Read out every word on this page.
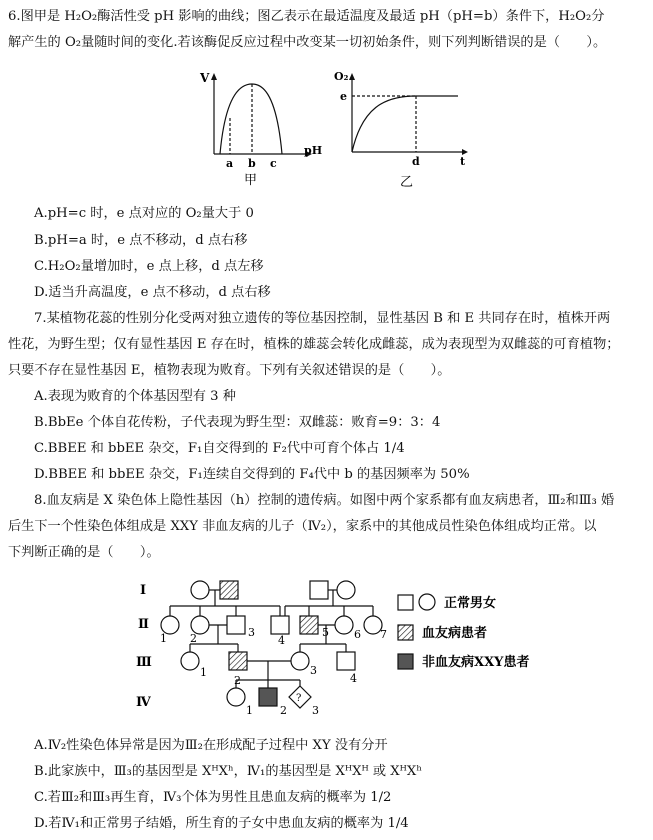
6.图甲是 H₂O₂酶活性受 pH 影响的曲线；图乙表示在最适温度及最适 pH（pH=b）条件下，H₂O₂分
解产生的 O₂量随时间的变化.若该酶促反应过程中改变某一切初始条件，则下列判断错误的是（　　）。
V
pH
a b c
甲
O₂
e
d	t
乙
A.pH=c 时，e 点对应的 O₂量大于 0
B.pH=a 时，e 点不移动，d 点右移
C.H₂O₂量增加时，e 点上移，d 点左移
D.适当升高温度，e 点不移动，d 点右移
7.某植物花蕊的性别分化受两对独立遗传的等位基因控制，显性基因 B 和 E 共同存在时，植株开两
性花，为野生型；仅有显性基因 E 存在时，植株的雄蕊会转化成雌蕊，成为表现型为双雌蕊的可育植物；
只要不存在显性基因 E，植物表现为败育。下列有关叙述错误的是（　　）。
A.表现为败育的个体基因型有 3 种
B.BbEe 个体自花传粉，子代表现为野生型：双雌蕊：败育=9：3：4
C.BBEE 和 bbEE 杂交，F₁自交得到的 F₂代中可育个体占 1/4
D.BBEE 和 bbEE 杂交，F₁连续自交得到的 F₄代中 b 的基因频率为 50%
8.血友病是 X 染色体上隐性基因（h）控制的遗传病。如图中两个家系都有血友病患者，Ⅲ₂和Ⅲ₃ 婚
后生下一个性染色体组成是 XXY 非血友病的儿子（Ⅳ₂），家系中的其他成员性染色体组成均正常。以
下判断正确的是（　　）。
Ⅰ
Ⅱ
Ⅲ
Ⅳ
1 2	3
4
5 6 7
1
2
3
4
1 2 3
?
正常男女
血友病患者
非血友病XXY患者
A.Ⅳ₂性染色体异常是因为Ⅲ₂在形成配子过程中 XY 没有分开
B.此家族中，Ⅲ₃的基因型是 XᴴXʰ，Ⅳ₁的基因型是 XᴴXᴴ 或 XᴴXʰ
C.若Ⅲ₂和Ⅲ₃再生育，Ⅳ₃个体为男性且患血友病的概率为 1/2
D.若Ⅳ₁和正常男子结婚，所生育的子女中患血友病的概率为 1/4
